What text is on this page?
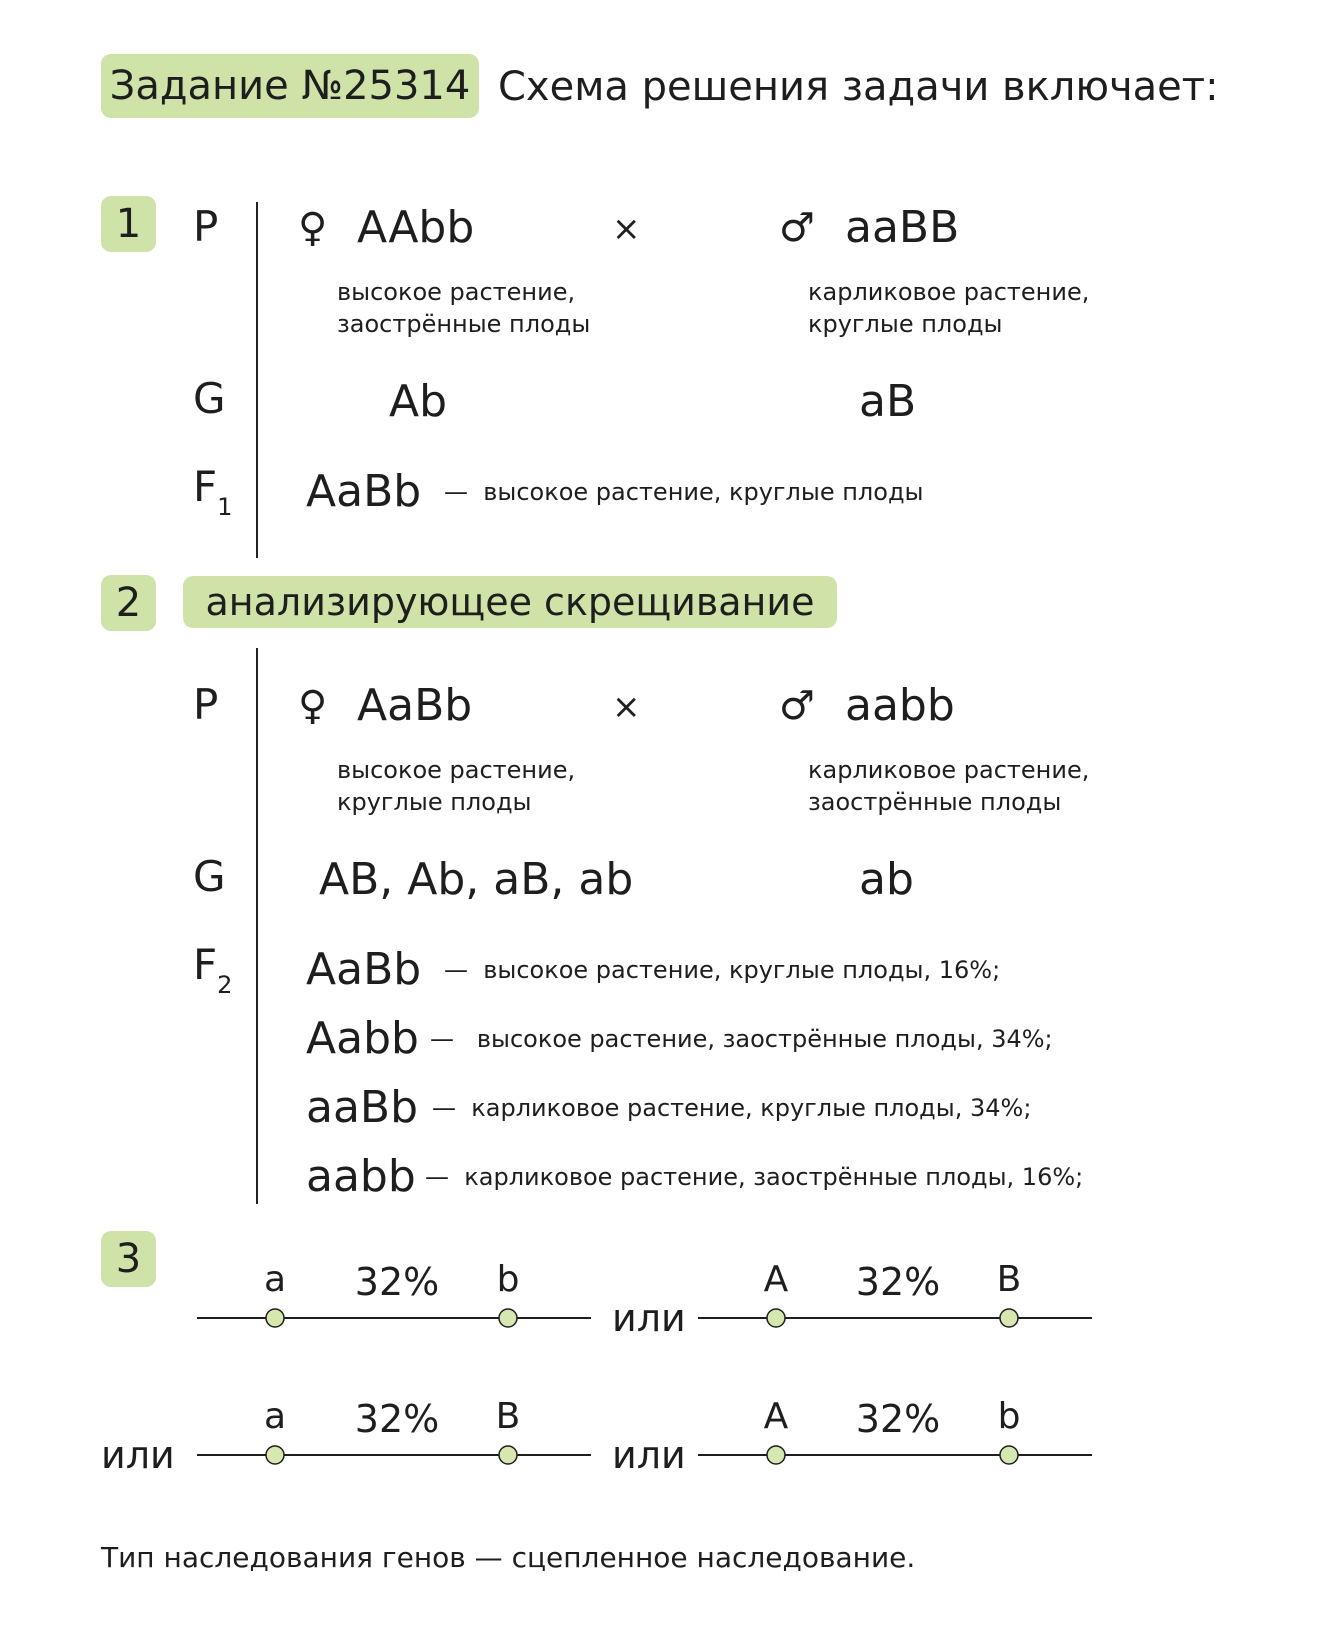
Задание №25314 Схема решения задачи включает:
1	P ♀ AAbb	×	♂ aaBB
высокое растение,
заострённые плоды
карликовое растение,
круглые плоды
G	Ab	aB
$F_1$ AaBb —  высокое растение, круглые плоды
2	анализирующее скрещивание
P ♀ AaBb	×	♂ aabb
высокое растение,
круглые плоды
карликовое растение,
заострённые плоды
G AB, Ab, aB, ab	ab
$F_2$ AaBb —  высокое растение, круглые плоды, 16%;
Aabb —   высокое растение, заострённые плоды, 34%;
aaBb —  карликовое растение, круглые плоды, 34%;
aabb —  карликовое растение, заострённые плоды, 16%;
3	a	32%	b
или
A	32%	B
или
a	32%	B
или
A	32%	b
Тип наследования генов — сцепленное наследование.
